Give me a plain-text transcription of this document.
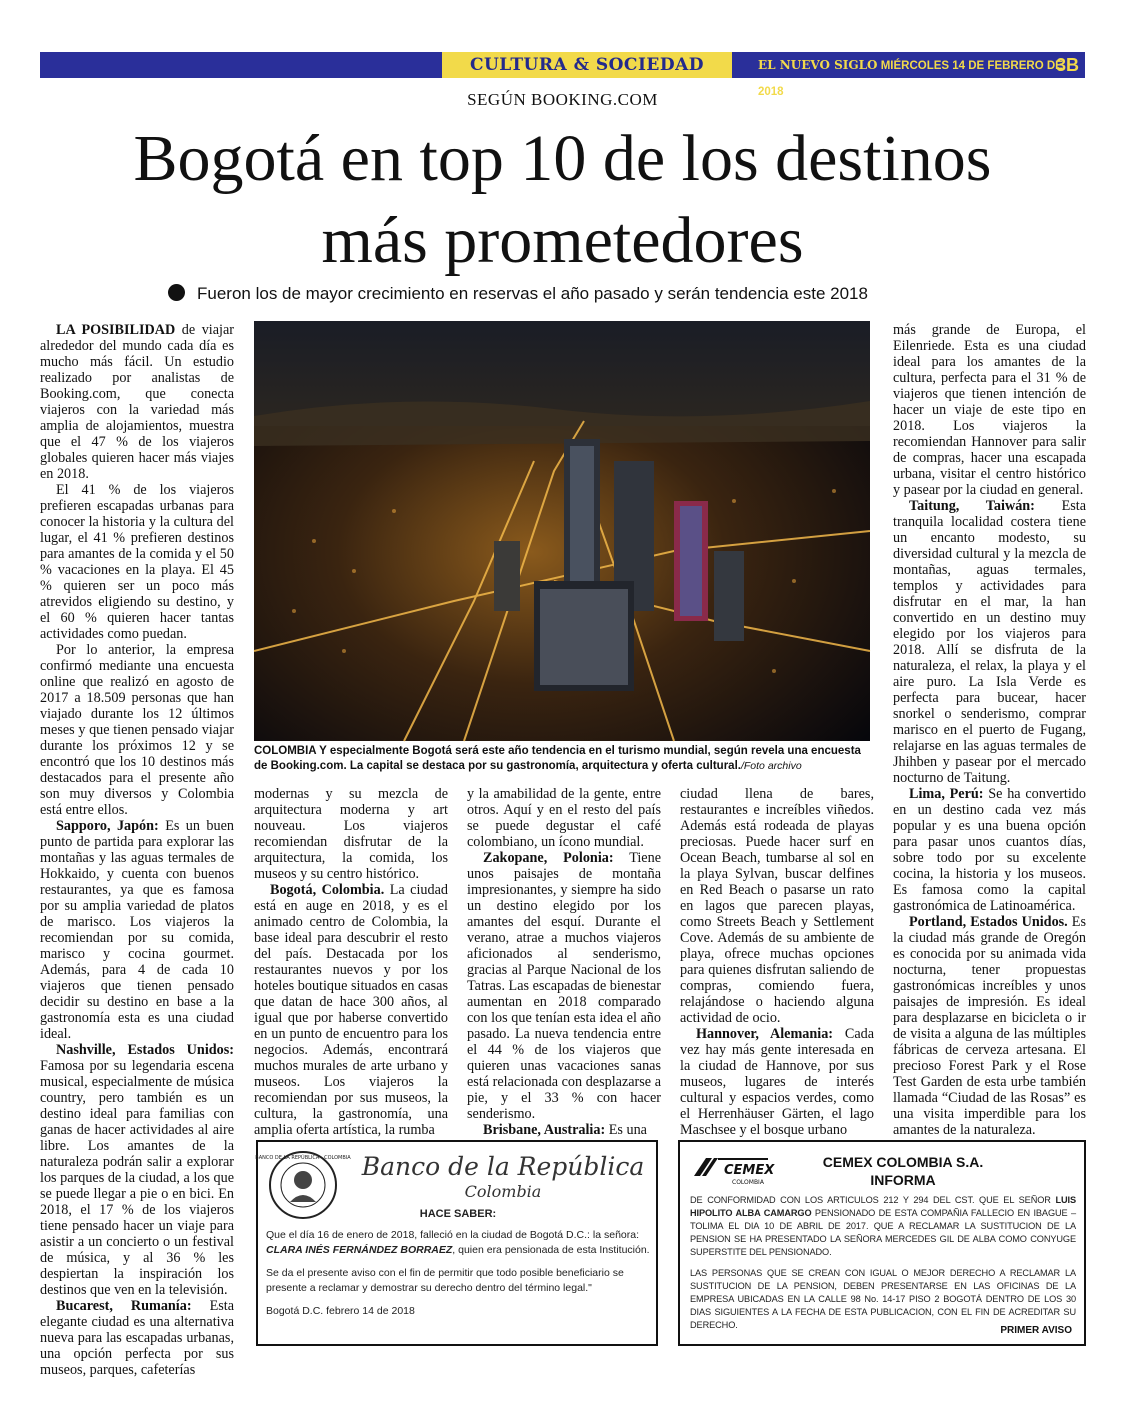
CULTURA & SOCIEDAD	EL NUEVO SIGLO MIÉRCOLES 14 DE FEBRERO DE 2018
3B
SEGÚN BOOKING.COM
Bogotá en top 10 de los destinos
más prometedores
Fueron los de mayor crecimiento en reservas el año pasado y serán tendencia este 2018

LA POSIBILIDAD de viajar alrededor del mundo cada día es mucho más fácil. Un estudio realizado por analistas de Booking.com, que conecta viajeros con la variedad más amplia de alojamientos, muestra que el 47 % de los viajeros globales quieren hacer más viajes en 2018.

El 41 % de los viajeros prefieren escapadas urbanas para conocer la historia y la cultura del lugar, el 41 % prefieren destinos para amantes de la comida y el 50 % vacaciones en la playa. El 45 % quieren ser un poco más atrevidos eligiendo su destino, y el 60 % quieren hacer tantas actividades como puedan.

Por lo anterior, la empresa confirmó mediante una encuesta online que realizó en agosto de 2017 a 18.509 personas que han viajado durante los 12 últimos meses y que tienen pensado viajar durante los próximos 12 y se encontró que los 10 destinos más destacados para el presente año son muy diversos y Colombia está entre ellos.

Sapporo, Japón: Es un buen punto de partida para explorar las montañas y las aguas termales de Hokkaido, y cuenta con buenos restaurantes, ya que es famosa por su amplia variedad de platos de marisco. Los viajeros la recomiendan por su comida, marisco y cocina gourmet. Además, para 4 de cada 10 viajeros que tienen pensado decidir su destino en base a la gastronomía esta es una ciudad ideal.

Nashville, Estados Unidos: Famosa por su legendaria escena musical, especialmente de música country, pero también es un destino ideal para familias con ganas de hacer actividades al aire libre. Los amantes de la naturaleza podrán salir a explorar los parques de la ciudad, a los que se puede llegar a pie o en bici. En 2018, el 17 % de los viajeros tiene pensado hacer un viaje para asistir a un concierto o un festival de música, y al 36 % les despiertan la inspiración los destinos que ven en la televisión.

Bucarest, Rumanía: Esta elegante ciudad es una alternativa nueva para las escapadas urbanas, una opción perfecta por sus museos, parques, cafeterías

COLOMBIA Y especialmente Bogotá será este año tendencia en el turismo mundial, según revela una encuesta de Booking.com. La capital se destaca por su gastronomía, arquitectura y oferta cultural./Foto archivo

modernas y su mezcla de arquitectura moderna y art nouveau. Los viajeros recomiendan disfrutar de la arquitectura, la comida, los museos y su centro histórico.

Bogotá, Colombia. La ciudad está en auge en 2018, y es el animado centro de Colombia, la base ideal para descubrir el resto del país. Destacada por los restaurantes nuevos y por los hoteles boutique situados en casas que datan de hace 300 años, al igual que por haberse convertido en un punto de encuentro para los negocios. Además, encontrará muchos murales de arte urbano y museos. Los viajeros la recomiendan por sus museos, la cultura, la gastronomía, una amplia oferta artística, la rumba

y la amabilidad de la gente, entre otros. Aquí y en el resto del país se puede degustar el café colombiano, un ícono mundial.

Zakopane, Polonia: Tiene unos paisajes de montaña impresionantes, y siempre ha sido un destino elegido por los amantes del esquí. Durante el verano, atrae a muchos viajeros aficionados al senderismo, gracias al Parque Nacional de los Tatras. Las escapadas de bienestar aumentan en 2018 comparado con los que tenían esta idea el año pasado. La nueva tendencia entre el 44 % de los viajeros que quieren unas vacaciones sanas está relacionada con desplazarse a pie, y el 33 % con hacer senderismo.

Brisbane, Australia: Es una

ciudad llena de bares, restaurantes e increíbles viñedos. Además está rodeada de playas preciosas. Puede hacer surf en Ocean Beach, tumbarse al sol en la playa Sylvan, buscar delfines en Red Beach o pasarse un rato en lagos que parecen playas, como Streets Beach y Settlement Cove. Además de su ambiente de playa, ofrece muchas opciones para quienes disfrutan saliendo de compras, comiendo fuera, relajándose o haciendo alguna actividad de ocio.

Hannover, Alemania: Cada vez hay más gente interesada en la ciudad de Hannove, por sus museos, lugares de interés cultural y espacios verdes, como el Herrenhäuser Gärten, el lago Maschsee y el bosque urbano

más grande de Europa, el Eilenriede. Esta es una ciudad ideal para los amantes de la cultura, perfecta para el 31 % de viajeros que tienen intención de hacer un viaje de este tipo en 2018. Los viajeros la recomiendan Hannover para salir de compras, hacer una escapada urbana, visitar el centro histórico y pasear por la ciudad en general.

Taitung, Taiwán: Esta tranquila localidad costera tiene un encanto modesto, su diversidad cultural y la mezcla de montañas, aguas termales, templos y actividades para disfrutar en el mar, la han convertido en un destino muy elegido por los viajeros para 2018. Allí se disfruta de la naturaleza, el relax, la playa y el aire puro. La Isla Verde es perfecta para bucear, hacer snorkel o senderismo, comprar marisco en el puerto de Fugang, relajarse en las aguas termales de Jhihben y pasear por el mercado nocturno de Taitung.

Lima, Perú: Se ha convertido en un destino cada vez más popular y es una buena opción para pasar unos cuantos días, sobre todo por su excelente cocina, la historia y los museos. Es famosa como la capital gastronómica de Latinoamérica.

Portland, Estados Unidos. Es la ciudad más grande de Oregón es conocida por su animada vida nocturna, tener propuestas gastronómicas increíbles y unos paisajes de impresión. Es ideal para desplazarse en bicicleta o ir de visita a alguna de las múltiples fábricas de cerveza artesana. El precioso Forest Park y el Rose Test Garden de esta urbe también llamada “Ciudad de las Rosas” es una visita imperdible para los amantes de la naturaleza.

BANCO DE LA REPÚBLICA · COLOMBIA Banco de la República
Colombia
HACE SABER:
Que el día 16 de enero de 2018, falleció en la ciudad de Bogotá D.C.: la señora: CLARA INÉS FERNÁNDEZ BORRAEZ, quien era pensionada de esta Institución.
Se da el presente aviso con el fin de permitir que todo posible beneficiario se presente a reclamar y demostrar su derecho dentro del término legal."
Bogotá D.C. febrero 14 de 2018
CEMEX
COLOMBIA
CEMEX COLOMBIA S.A.
INFORMA
DE CONFORMIDAD CON LOS ARTICULOS 212 Y 294 DEL CST. QUE EL SEÑOR LUIS HIPOLITO ALBA CAMARGO PENSIONADO DE ESTA COMPAÑIA FALLECIO EN IBAGUE – TOLIMA EL DIA 10 DE ABRIL DE 2017. QUE A RECLAMAR LA SUSTITUCION DE LA PENSION SE HA PRESENTADO LA SEÑORA MERCEDES GIL DE ALBA COMO CONYUGE SUPERSTITE DEL PENSIONADO.
LAS PERSONAS QUE SE CREAN CON IGUAL O MEJOR DERECHO A RECLAMAR LA SUSTITUCION DE LA PENSION, DEBEN PRESENTARSE EN LAS OFICINAS DE LA EMPRESA UBICADAS EN LA CALLE 98 No. 14-17 PISO 2 BOGOTÁ DENTRO DE LOS 30 DIAS SIGUIENTES A LA FECHA DE ESTA PUBLICACION, CON EL FIN DE ACREDITAR SU DERECHO.	PRIMER AVISO
